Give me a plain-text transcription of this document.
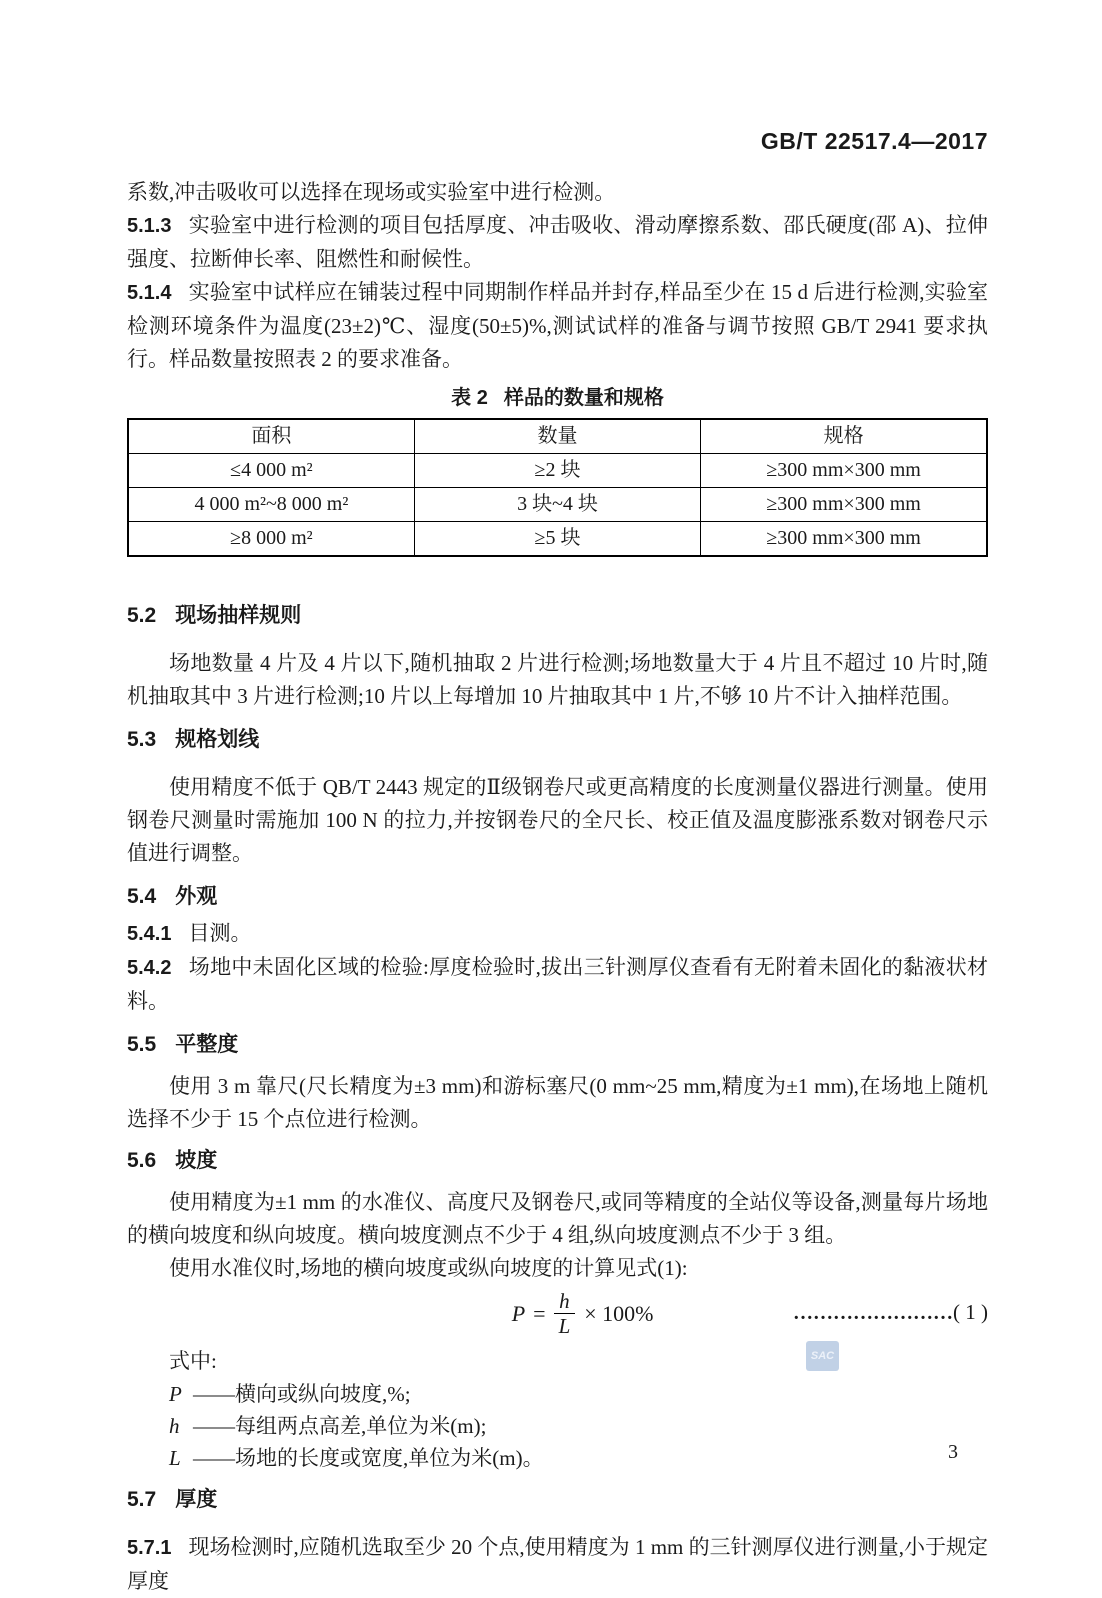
GB/T 22517.4—2017

系数,冲击吸收可以选择在现场或实验室中进行检测。

5.1.3 实验室中进行检测的项目包括厚度、冲击吸收、滑动摩擦系数、邵氏硬度(邵 A)、拉伸强度、拉断伸长率、阻燃性和耐候性。

5.1.4 实验室中试样应在铺装过程中同期制作样品并封存,样品至少在 15 d 后进行检测,实验室检测环境条件为温度(23±2)℃、湿度(50±5)%,测试试样的准备与调节按照 GB/T 2941 要求执行。样品数量按照表 2 的要求准备。

表 2 样品的数量和规格
面积	数量	规格
≤4 000 m²	≥2 块	≥300 mm×300 mm
4 000 m²~8 000 m²	3 块~4 块	≥300 mm×300 mm
≥8 000 m²	≥5 块	≥300 mm×300 mm
5.2 现场抽样规则

场地数量 4 片及 4 片以下,随机抽取 2 片进行检测;场地数量大于 4 片且不超过 10 片时,随机抽取其中 3 片进行检测;10 片以上每增加 10 片抽取其中 1 片,不够 10 片不计入抽样范围。

5.3 规格划线

使用精度不低于 QB/T 2443 规定的Ⅱ级钢卷尺或更高精度的长度测量仪器进行测量。使用钢卷尺测量时需施加 100 N 的拉力,并按钢卷尺的全尺长、校正值及温度膨涨系数对钢卷尺示值进行调整。

5.4 外观

5.4.1 目测。

5.4.2 场地中未固化区域的检验:厚度检验时,拔出三针测厚仪查看有无附着未固化的黏液状材料。

5.5 平整度

使用 3 m 靠尺(尺长精度为±3 mm)和游标塞尺(0 mm~25 mm,精度为±1 mm),在场地上随机选择不少于 15 个点位进行检测。

5.6 坡度

使用精度为±1 mm 的水准仪、高度尺及钢卷尺,或同等精度的全站仪等设备,测量每片场地的横向坡度和纵向坡度。横向坡度测点不少于 4 组,纵向坡度测点不少于 3 组。

使用水准仪时,场地的横向坡度或纵向坡度的计算见式(1):

$P = \frac{h}{L} \times 100\%$	……………………( 1 )

式中:

P ——横向或纵向坡度,%;

h ——每组两点高差,单位为米(m);

L ——场地的长度或宽度,单位为米(m)。

5.7 厚度

5.7.1 现场检测时,应随机选取至少 20 个点,使用精度为 1 mm 的三针测厚仪进行测量,小于规定厚度

SAC
3
